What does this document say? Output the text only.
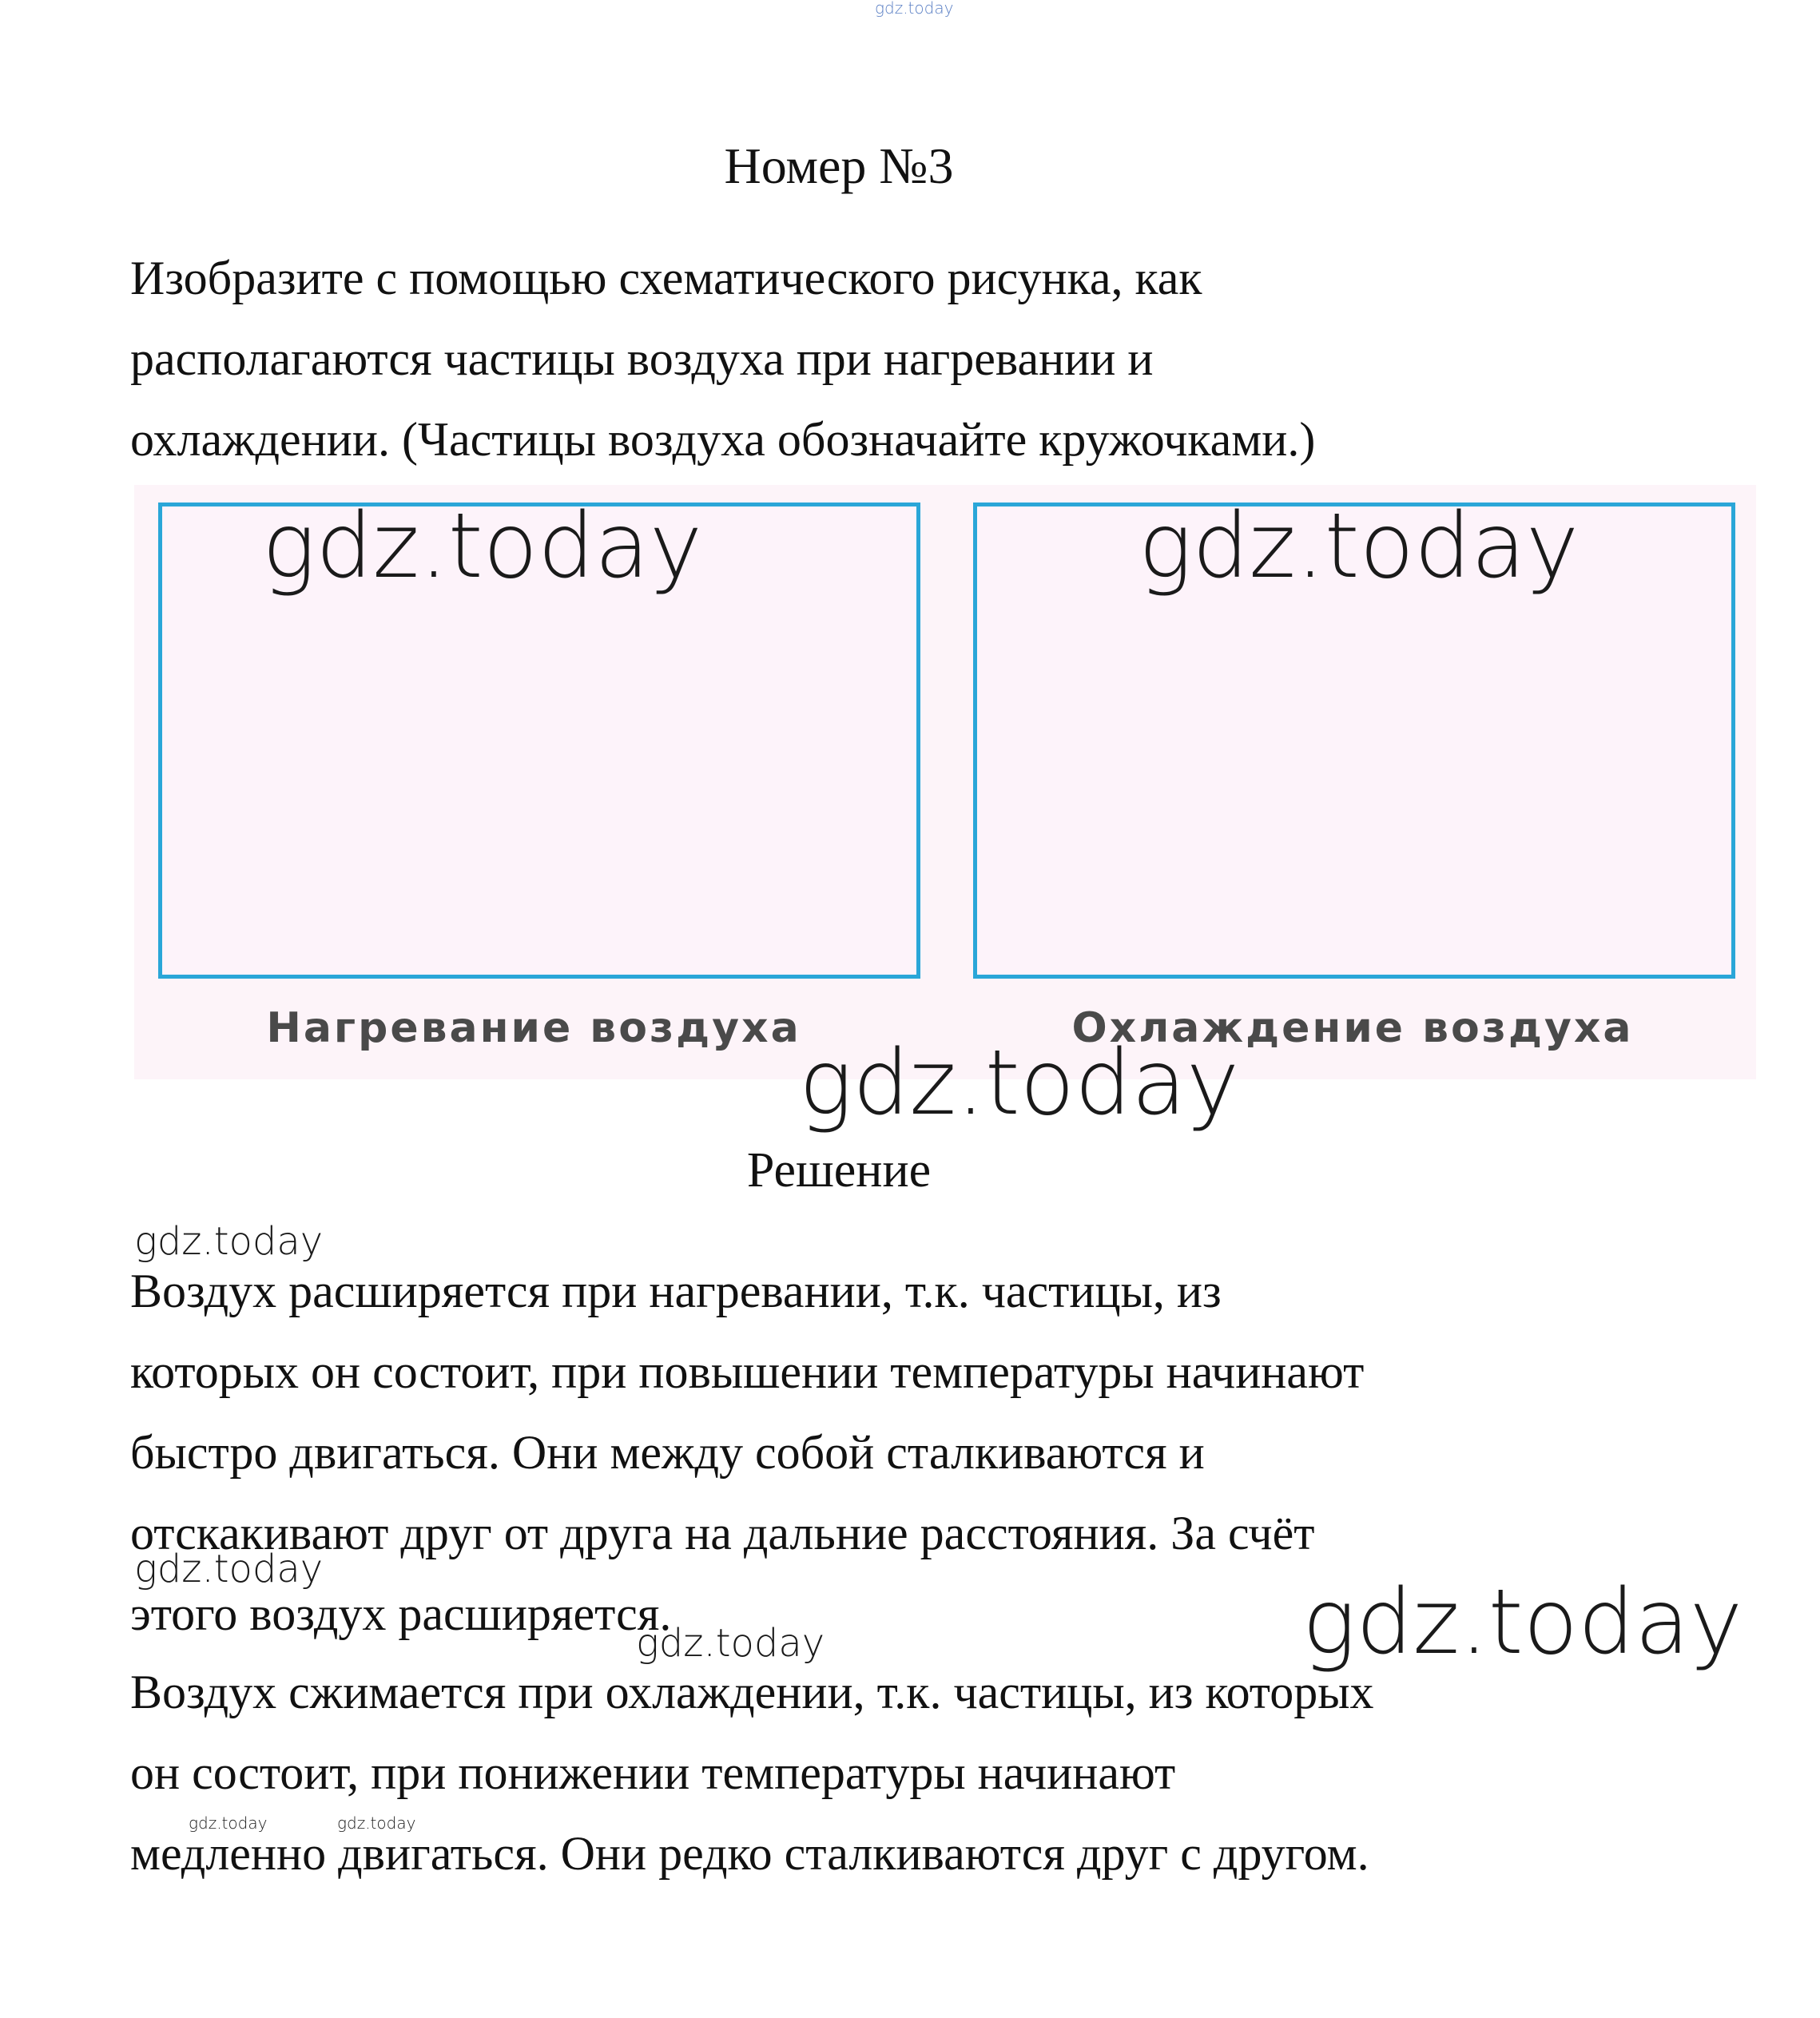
gdz.today
Номер №3
Изобразите с помощью схематического рисунка, как
располагаются частицы воздуха при нагревании и
охлаждении. (Частицы воздуха обозначайте кружочками.)
Нагревание воздуха	Охлаждение воздуха
gdz.today	gdz.today
gdz.today
Решение
gdz.today
Воздух расширяется при нагревании, т.к. частицы, из
которых он состоит, при повышении температуры начинают
быстро двигаться. Они между собой сталкиваются и
отскакивают друг от друга на дальние расстояния. За счёт
этого воздух расширяется.
Воздух сжимается при охлаждении, т.к. частицы, из которых
он состоит, при понижении температуры начинают
медленно двигаться. Они редко сталкиваются друг с другом.
gdz.today
gdz.today	gdz.today
gdz.today	gdz.today
